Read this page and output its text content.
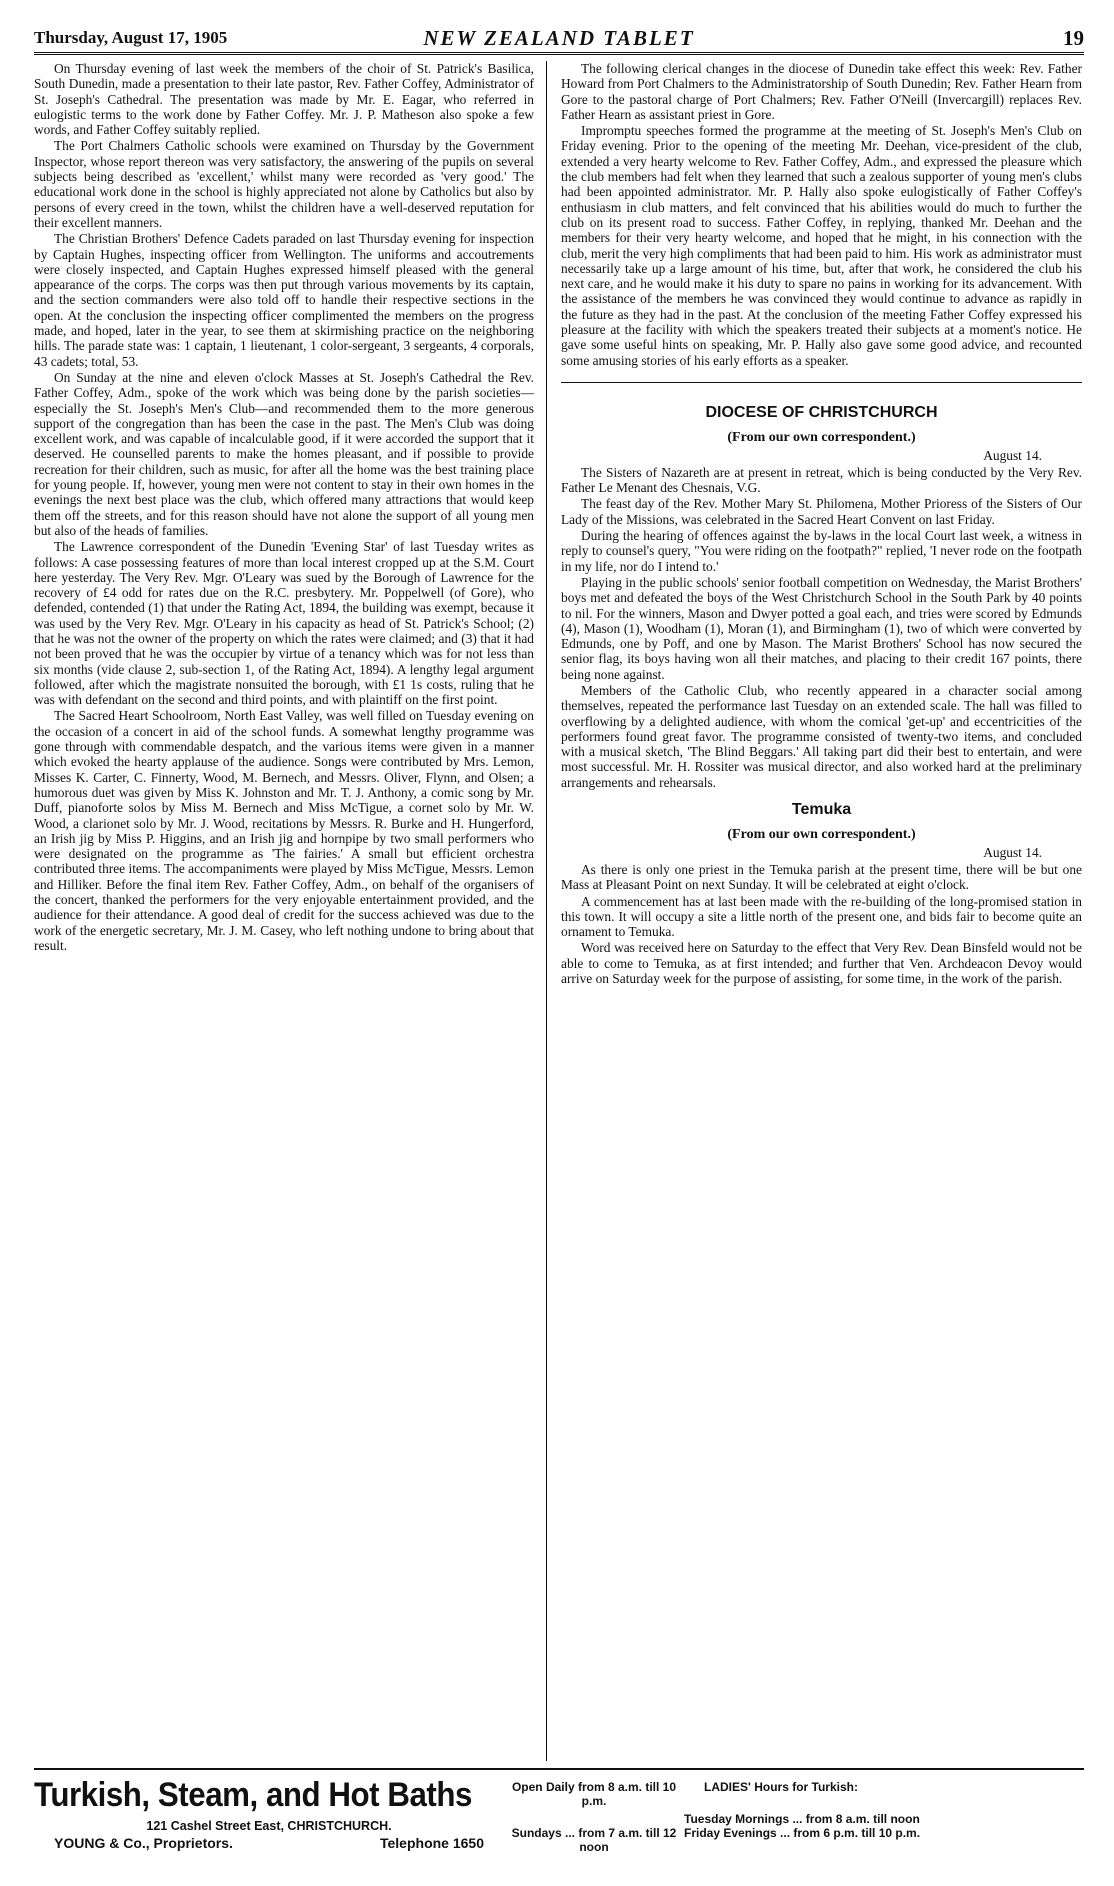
Thursday, August 17, 1905	NEW ZEALAND TABLET	19

On Thursday evening of last week the members of the choir of St. Patrick's Basilica, South Dunedin, made a presentation to their late pastor, Rev. Father Coffey, Administrator of St. Joseph's Cathedral. The presentation was made by Mr. E. Eagar, who referred in eulogistic terms to the work done by Father Coffey. Mr. J. P. Matheson also spoke a few words, and Father Coffey suitably replied.

The Port Chalmers Catholic schools were examined on Thursday by the Government Inspector, whose report thereon was very satisfactory, the answering of the pupils on several subjects being described as 'excellent,' whilst many were recorded as 'very good.' The educational work done in the school is highly appreciated not alone by Catholics but also by persons of every creed in the town, whilst the children have a well-deserved reputation for their excellent manners.

The Christian Brothers' Defence Cadets paraded on last Thursday evening for inspection by Captain Hughes, inspecting officer from Wellington. The uniforms and accoutrements were closely inspected, and Captain Hughes expressed himself pleased with the general appearance of the corps. The corps was then put through various movements by its captain, and the section commanders were also told off to handle their respective sections in the open. At the conclusion the inspecting officer complimented the members on the progress made, and hoped, later in the year, to see them at skirmishing practice on the neighboring hills. The parade state was: 1 captain, 1 lieutenant, 1 color-sergeant, 3 sergeants, 4 corporals, 43 cadets; total, 53.

On Sunday at the nine and eleven o'clock Masses at St. Joseph's Cathedral the Rev. Father Coffey, Adm., spoke of the work which was being done by the parish societies—especially the St. Joseph's Men's Club—and recommended them to the more generous support of the congregation than has been the case in the past. The Men's Club was doing excellent work, and was capable of incalculable good, if it were accorded the support that it deserved. He counselled parents to make the homes pleasant, and if possible to provide recreation for their children, such as music, for after all the home was the best training place for young people. If, however, young men were not content to stay in their own homes in the evenings the next best place was the club, which offered many attractions that would keep them off the streets, and for this reason should have not alone the support of all young men but also of the heads of families.

The Lawrence correspondent of the Dunedin 'Evening Star' of last Tuesday writes as follows: A case possessing features of more than local interest cropped up at the S.M. Court here yesterday. The Very Rev. Mgr. O'Leary was sued by the Borough of Lawrence for the recovery of £4 odd for rates due on the R.C. presbytery. Mr. Poppelwell (of Gore), who defended, contended (1) that under the Rating Act, 1894, the building was exempt, because it was used by the Very Rev. Mgr. O'Leary in his capacity as head of St. Patrick's School; (2) that he was not the owner of the property on which the rates were claimed; and (3) that it had not been proved that he was the occupier by virtue of a tenancy which was for not less than six months (vide clause 2, sub-section 1, of the Rating Act, 1894). A lengthy legal argument followed, after which the magistrate nonsuited the borough, with £1 1s costs, ruling that he was with defendant on the second and third points, and with plaintiff on the first point.

The Sacred Heart Schoolroom, North East Valley, was well filled on Tuesday evening on the occasion of a concert in aid of the school funds. A somewhat lengthy programme was gone through with commendable despatch, and the various items were given in a manner which evoked the hearty applause of the audience. Songs were contributed by Mrs. Lemon, Misses K. Carter, C. Finnerty, Wood, M. Bernech, and Messrs. Oliver, Flynn, and Olsen; a humorous duet was given by Miss K. Johnston and Mr. T. J. Anthony, a comic song by Mr. Duff, pianoforte solos by Miss M. Bernech and Miss McTigue, a cornet solo by Mr. W. Wood, a clarionet solo by Mr. J. Wood, recitations by Messrs. R. Burke and H. Hungerford, an Irish jig by Miss P. Higgins, and an Irish jig and hornpipe by two small performers who were designated on the programme as 'The fairies.' A small but efficient orchestra contributed three items. The accompaniments were played by Miss McTigue, Messrs. Lemon and Hilliker. Before the final item Rev. Father Coffey, Adm., on behalf of the organisers of the concert, thanked the performers for the very enjoyable entertainment provided, and the audience for their attendance. A good deal of credit for the success achieved was due to the work of the energetic secretary, Mr. J. M. Casey, who left nothing undone to bring about that result.

The following clerical changes in the diocese of Dunedin take effect this week: Rev. Father Howard from Port Chalmers to the Administratorship of South Dunedin; Rev. Father Hearn from Gore to the pastoral charge of Port Chalmers; Rev. Father O'Neill (Invercargill) replaces Rev. Father Hearn as assistant priest in Gore.

Impromptu speeches formed the programme at the meeting of St. Joseph's Men's Club on Friday evening. Prior to the opening of the meeting Mr. Deehan, vice-president of the club, extended a very hearty welcome to Rev. Father Coffey, Adm., and expressed the pleasure which the club members had felt when they learned that such a zealous supporter of young men's clubs had been appointed administrator. Mr. P. Hally also spoke eulogistically of Father Coffey's enthusiasm in club matters, and felt convinced that his abilities would do much to further the club on its present road to success. Father Coffey, in replying, thanked Mr. Deehan and the members for their very hearty welcome, and hoped that he might, in his connection with the club, merit the very high compliments that had been paid to him. His work as administrator must necessarily take up a large amount of his time, but, after that work, he considered the club his next care, and he would make it his duty to spare no pains in working for its advancement. With the assistance of the members he was convinced they would continue to advance as rapidly in the future as they had in the past. At the conclusion of the meeting Father Coffey expressed his pleasure at the facility with which the speakers treated their subjects at a moment's notice. He gave some useful hints on speaking, Mr. P. Hally also gave some good advice, and recounted some amusing stories of his early efforts as a speaker.

DIOCESE OF CHRISTCHURCH
(From our own correspondent.)
August 14.

The Sisters of Nazareth are at present in retreat, which is being conducted by the Very Rev. Father Le Menant des Chesnais, V.G.

The feast day of the Rev. Mother Mary St. Philomena, Mother Prioress of the Sisters of Our Lady of the Missions, was celebrated in the Sacred Heart Convent on last Friday.

During the hearing of offences against the by-laws in the local Court last week, a witness in reply to counsel's query, "You were riding on the footpath?" replied, 'I never rode on the footpath in my life, nor do I intend to.'

Playing in the public schools' senior football competition on Wednesday, the Marist Brothers' boys met and defeated the boys of the West Christchurch School in the South Park by 40 points to nil. For the winners, Mason and Dwyer potted a goal each, and tries were scored by Edmunds (4), Mason (1), Woodham (1), Moran (1), and Birmingham (1), two of which were converted by Edmunds, one by Poff, and one by Mason. The Marist Brothers' School has now secured the senior flag, its boys having won all their matches, and placing to their credit 167 points, there being none against.

Members of the Catholic Club, who recently appeared in a character social among themselves, repeated the performance last Tuesday on an extended scale. The hall was filled to overflowing by a delighted audience, with whom the comical 'get-up' and eccentricities of the performers found great favor. The programme consisted of twenty-two items, and concluded with a musical sketch, 'The Blind Beggars.' All taking part did their best to entertain, and were most successful. Mr. H. Rossiter was musical director, and also worked hard at the preliminary arrangements and rehearsals.

Temuka
(From our own correspondent.)
August 14.

As there is only one priest in the Temuka parish at the present time, there will be but one Mass at Pleasant Point on next Sunday. It will be celebrated at eight o'clock.

A commencement has at last been made with the re-building of the long-promised station in this town. It will occupy a site a little north of the present one, and bids fair to become quite an ornament to Temuka.

Word was received here on Saturday to the effect that Very Rev. Dean Binsfeld would not be able to come to Temuka, as at first intended; and further that Ven. Archdeacon Devoy would arrive on Saturday week for the purpose of assisting, for some time, in the work of the parish.

Turkish, Steam, and Hot Baths
121 Cashel Street East, CHRISTCHURCH.
YOUNG & Co., Proprietors.	Telephone 1650
Open Daily from 8 a.m. till 10 p.m.
Sundays ... from 7 a.m. till 12 noon
LADIES' Hours for Turkish:
Tuesday Mornings ... from 8 a.m. till noon
Friday Evenings ... from 6 p.m. till 10 p.m.
